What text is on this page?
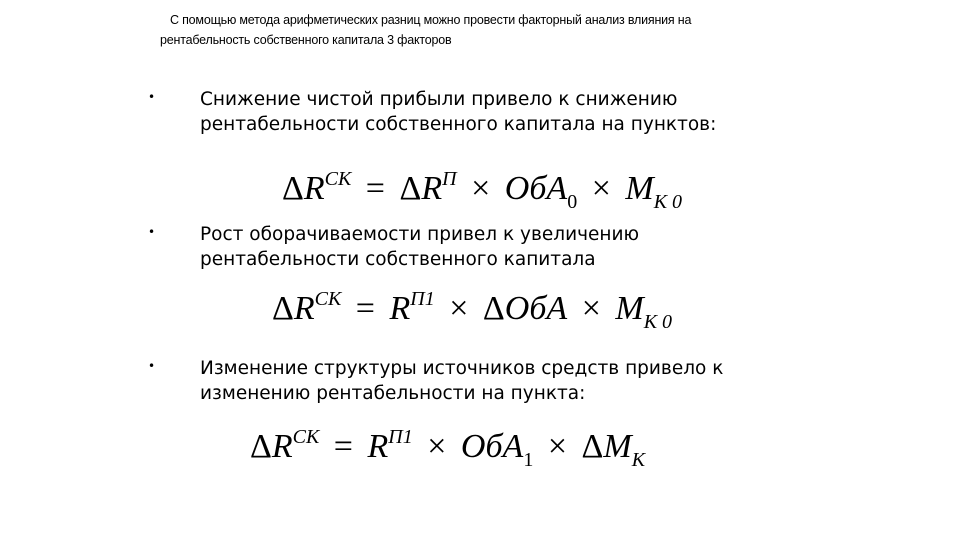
С помощью метода арифметических разниц можно провести факторный анализ влияния на
рентабельность собственного капитала 3 факторов
• Снижение чистой прибыли привело к снижению
рентабельности собственного капитала на пунктов:
$\Delta R^{СК} = \Delta R^П \times ОбА_0 \times M_{К 0}$
• Рост оборачиваемости привел к увеличению
рентабельности собственного капитала
$\Delta R^{СК} = R^{П1} \times \Delta ОбА \times M_{К 0}$
• Изменение структуры источников средств привело к
изменению рентабельности на пункта:
$\Delta R^{СК} = R^{П1} \times ОбА_1 \times \Delta M_К$
